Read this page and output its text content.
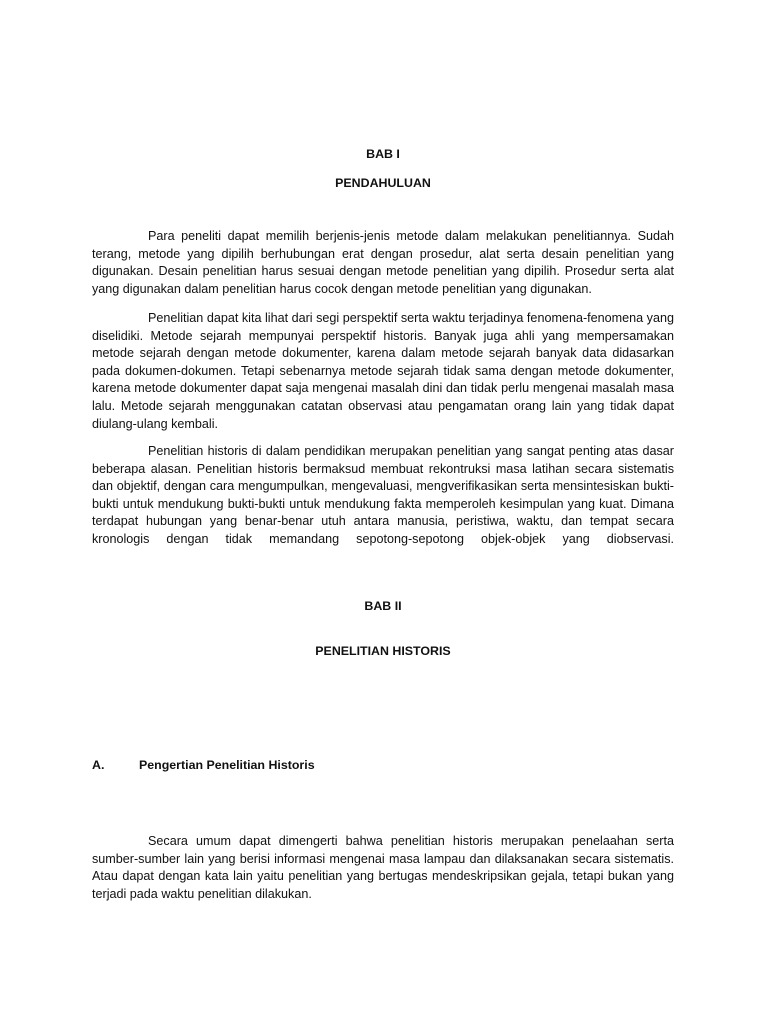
BAB I

PENDAHULUAN

Para peneliti dapat memilih berjenis-jenis metode dalam melakukan penelitiannya. Sudah terang, metode yang dipilih berhubungan erat dengan prosedur, alat serta desain penelitian yang digunakan. Desain penelitian harus sesuai dengan metode penelitian yang dipilih. Prosedur serta alat yang digunakan dalam penelitian harus cocok dengan metode penelitian yang digunakan.

Penelitian dapat kita lihat dari segi perspektif serta waktu terjadinya fenomena-fenomena yang diselidiki. Metode sejarah mempunyai perspektif historis. Banyak juga ahli yang mempersamakan metode sejarah dengan metode dokumenter, karena dalam metode sejarah banyak data didasarkan pada dokumen-dokumen. Tetapi sebenarnya metode sejarah tidak sama dengan metode dokumenter, karena metode dokumenter dapat saja mengenai masalah dini dan tidak perlu mengenai masalah masa lalu. Metode sejarah menggunakan catatan observasi atau pengamatan orang lain yang tidak dapat diulang-ulang kembali.

Penelitian historis di dalam pendidikan merupakan penelitian yang sangat penting atas dasar beberapa alasan. Penelitian historis bermaksud membuat rekontruksi masa latihan secara sistematis dan objektif, dengan cara mengumpulkan, mengevaluasi, mengverifikasikan serta mensintesiskan bukti-bukti untuk mendukung bukti-bukti untuk mendukung fakta memperoleh kesimpulan yang kuat. Dimana terdapat hubungan yang benar-benar utuh antara manusia, peristiwa, waktu, dan tempat secara kronologis dengan tidak memandang sepotong-sepotong objek-objek yang diobservasi.

BAB II

PENELITIAN HISTORIS

A.	Pengertian Penelitian Historis

Secara umum dapat dimengerti bahwa penelitian historis merupakan penelaahan serta sumber-sumber lain yang berisi informasi mengenai masa lampau dan dilaksanakan secara sistematis. Atau dapat dengan kata lain yaitu penelitian yang bertugas mendeskripsikan gejala, tetapi bukan yang terjadi pada waktu penelitian dilakukan.
